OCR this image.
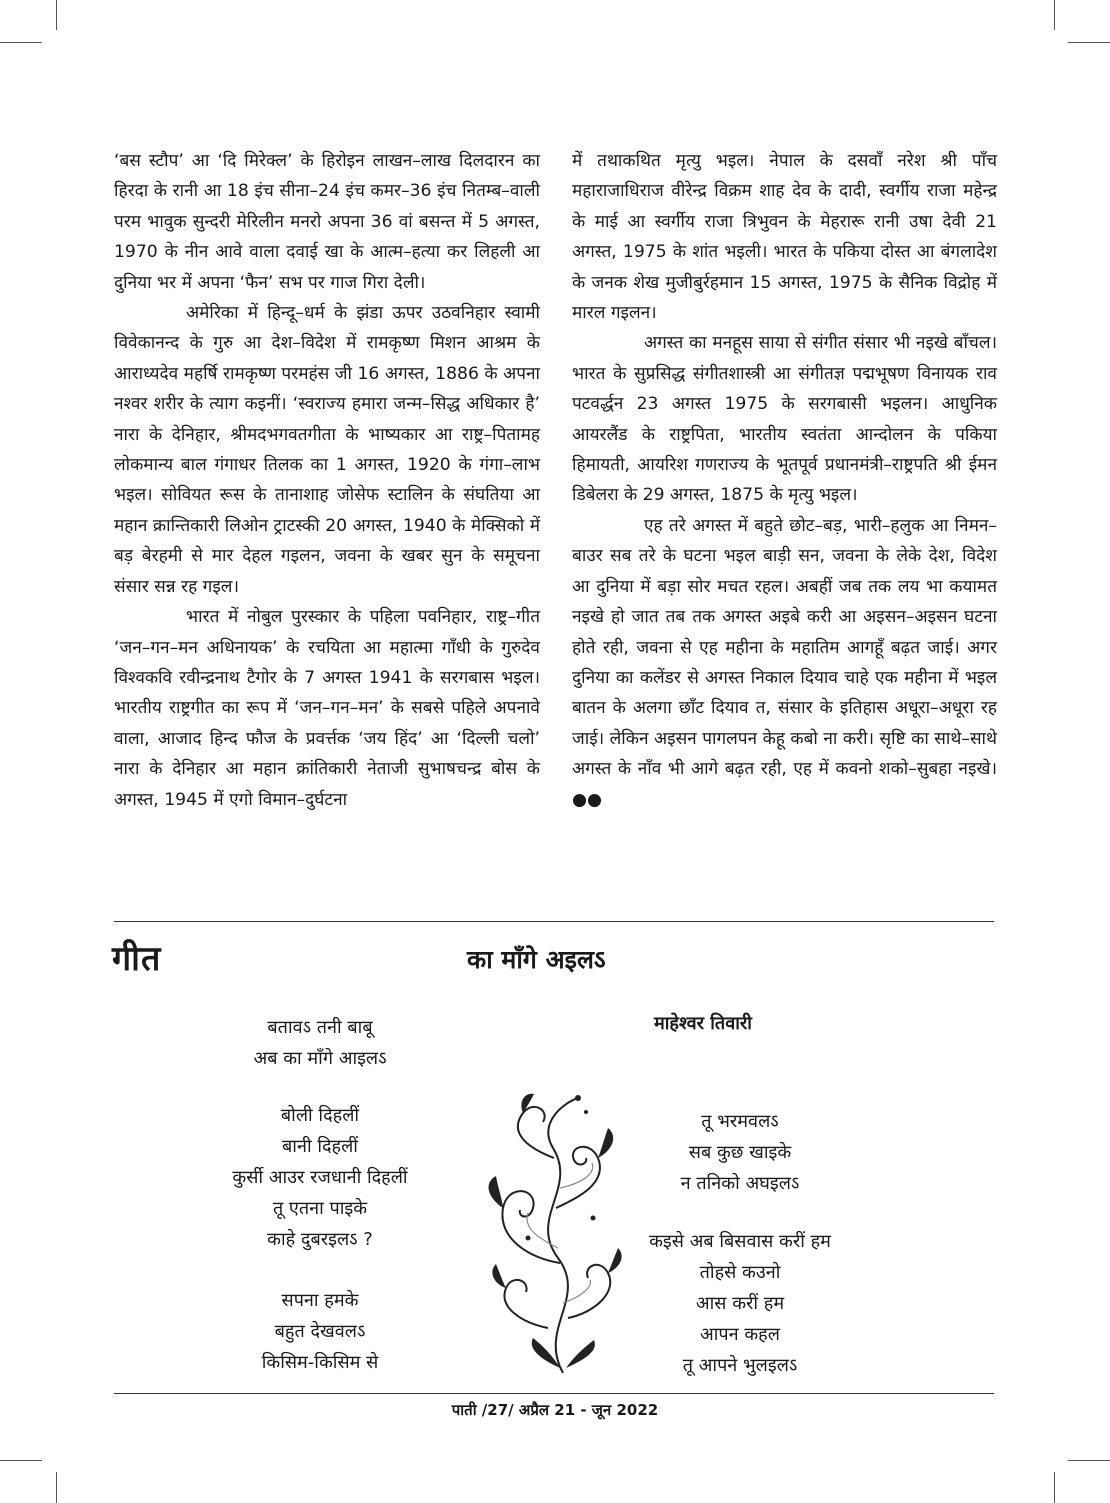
‘बस स्टौप’ आ ‘दि मिरेक्ल’ के हिरोइन लाखन–लाख दिलदारन का हिरदा के रानी आ 18 इंच सीना–24 इंच कमर–36 इंच नितम्ब–वाली परम भावुक सुन्दरी मेरिलीन मनरो अपना 36 वां बसन्त में 5 अगस्त, 1970 के नीन आवे वाला दवाई खा के आत्म–हत्या कर लिहली आ दुनिया भर में अपना ‘फैन’ सभ पर गाज गिरा देली।

अमेरिका में हिन्दू–धर्म के झंडा ऊपर उठवनिहार स्वामी विवेकानन्द के गुरु आ देश–विदेश में रामकृष्ण मिशन आश्रम के आराध्यदेव महर्षि रामकृष्ण परमहंस जी 16 अगस्त, 1886 के अपना नश्वर शरीर के त्याग कइनीं। ‘स्वराज्य हमारा जन्म–सिद्ध अधिकार है’ नारा के देनिहार, श्रीमदभगवतगीता के भाष्यकार आ राष्ट्र–पितामह लोकमान्य बाल गंगाधर तिलक का 1 अगस्त, 1920 के गंगा–लाभ भइल। सोवियत रूस के तानाशाह जोसेफ स्टालिन के संघतिया आ महान क्रान्तिकारी लिओन ट्राटस्की 20 अगस्त, 1940 के मेक्सिको में बड़ बेरहमी से मार देहल गइलन, जवना के खबर सुन के समूचना संसार सन्न रह गइल।

भारत में नोबुल पुरस्कार के पहिला पवनिहार, राष्ट्र–गीत ‘जन–गन–मन अधिनायक’ के रचयिता आ महात्मा गाँधी के गुरुदेव विश्वकवि रवीन्द्रनाथ टैगोर के 7 अगस्त 1941 के सरगबास भइल। भारतीय राष्ट्रगीत का रूप में ‘जन–गन–मन’ के सबसे पहिले अपनावे वाला, आजाद हिन्द फौज के प्रवर्त्तक ‘जय हिंद’ आ ‘दिल्ली चलो’ नारा के देनिहार आ महान क्रांतिकारी नेताजी सुभाषचन्द्र बोस के अगस्त, 1945 में एगो विमान–दुर्घटना

में तथाकथित मृत्यु भइल। नेपाल के दसवाँ नरेश श्री पाँच महाराजाधिराज वीरेन्द्र विक्रम शाह देव के दादी, स्वर्गीय राजा महेन्द्र के माई आ स्वर्गीय राजा त्रिभुवन के मेहरारू रानी उषा देवी 21 अगस्त, 1975 के शांत भइली। भारत के पकिया दोस्त आ बंगलादेश के जनक शेख मुजीबुर्रहमान 15 अगस्त, 1975 के सैनिक विद्रोह में मारल गइलन।

अगस्त का मनहूस साया से संगीत संसार भी नइखे बाँचल। भारत के सुप्रसिद्ध संगीतशास्त्री आ संगीतज्ञ पद्मभूषण विनायक राव पटवर्द्धन 23 अगस्त 1975 के सरगबासी भइलन। आधुनिक आयरलैंड के राष्ट्रपिता, भारतीय स्वतंता आन्दोलन के पकिया हिमायती, आयरिश गणराज्य के भूतपूर्व प्रधानमंत्री–राष्ट्रपति श्री ईमन डिबेलरा के 29 अगस्त, 1875 के मृत्यु भइल।

एह तरे अगस्त में बहुते छोट–बड़, भारी–हलुक आ निमन–बाउर सब तरे के घटना भइल बाड़ी सन, जवना के लेके देश, विदेश आ दुनिया में बड़ा सोर मचत रहल। अबहीं जब तक लय भा कयामत नइखे हो जात तब तक अगस्त अइबे करी आ अइसन–अइसन घटना होते रही, जवना से एह महीना के महातिम आगहूँ बढ़त जाई। अगर दुनिया का कलेंडर से अगस्त निकाल दियाव चाहे एक महीना में भइल बातन के अलगा छाँट दियाव त, संसार के इतिहास अधूरा–अधूरा रह जाई। लेकिन अइसन पागलपन केहू कबो ना करी। सृष्टि का साथे–साथे अगस्त के नाँव भी आगे बढ़त रही, एह में कवनो शको–सुबहा नइखे। ●●

गीत	का माँगे अइलऽ
माहेश्वर तिवारी
बतावऽ तनी बाबू
अब का माँगे आइलऽ
बोली दिहलीं
बानी दिहलीं
कुर्सी आउर रजधानी दिहलीं
तू एतना पाइके
काहे दुबरइलऽ ?
सपना हमके
बहुत देखवलऽ
किसिम-किसिम से
तू भरमवलऽ
सब कुछ खाइके
न तनिको अघइलऽ
कइसे अब बिसवास करीं हम
तोहसे कउनो
आस करीं हम
आपन कहल
तू आपने भुलइलऽ
पाती /27/ अप्रैल 21 - जून 2022
